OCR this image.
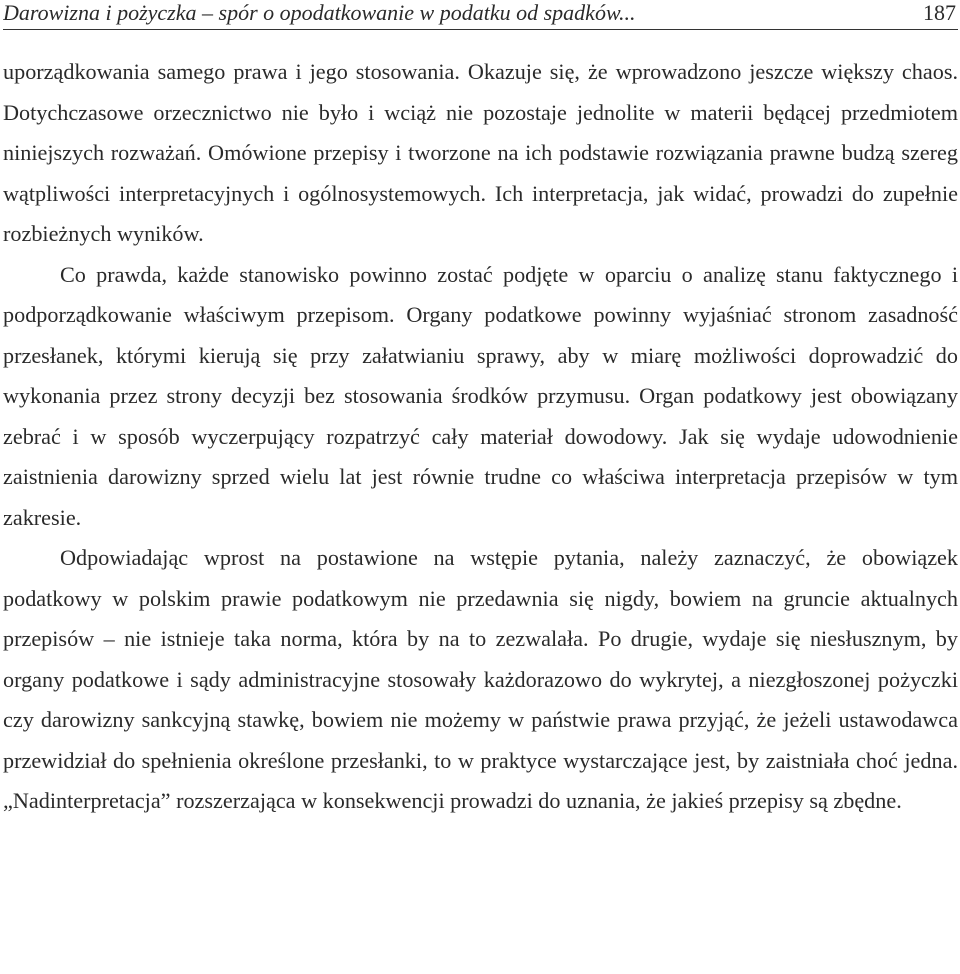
Darowizna i pożyczka – spór o opodatkowanie w podatku od spadków...	187

uporządkowania samego prawa i jego stosowania. Okazuje się, że wprowadzono jeszcze większy chaos. Dotychczasowe orzecznictwo nie było i wciąż nie pozostaje jednolite w materii będącej przedmiotem niniejszych rozważań. Omówione przepisy i tworzone na ich podstawie rozwiązania prawne budzą szereg wątpliwości interpretacyjnych i ogólnosystemowych. Ich interpretacja, jak widać, prowadzi do zupełnie rozbieżnych wyników.

Co prawda, każde stanowisko powinno zostać podjęte w oparciu o analizę stanu faktycznego i podporządkowanie właściwym przepisom. Organy podatkowe powinny wyjaśniać stronom zasadność przesłanek, którymi kierują się przy załatwianiu sprawy, aby w miarę możliwości doprowadzić do wykonania przez strony decyzji bez stosowania środków przymusu. Organ podatkowy jest obowiązany zebrać i w sposób wyczerpujący rozpatrzyć cały materiał dowodowy. Jak się wydaje udowodnienie zaistnienia darowizny sprzed wielu lat jest równie trudne co właściwa interpretacja przepisów w tym zakresie.

Odpowiadając wprost na postawione na wstępie pytania, należy zaznaczyć, że obowiązek podatkowy w polskim prawie podatkowym nie przedawnia się nigdy, bowiem na gruncie aktualnych przepisów – nie istnieje taka norma, która by na to zezwalała. Po drugie, wydaje się niesłusznym, by organy podatkowe i sądy administracyjne stosowały każdorazowo do wykrytej, a niezgłoszonej pożyczki czy darowizny sankcyjną stawkę, bowiem nie możemy w państwie prawa przyjąć, że jeżeli ustawodawca przewidział do spełnienia określone przesłanki, to w praktyce wystarczające jest, by zaistniała choć jedna. „Nadinterpretacja” rozszerzająca w konsekwencji prowadzi do uznania, że jakieś przepisy są zbędne.
